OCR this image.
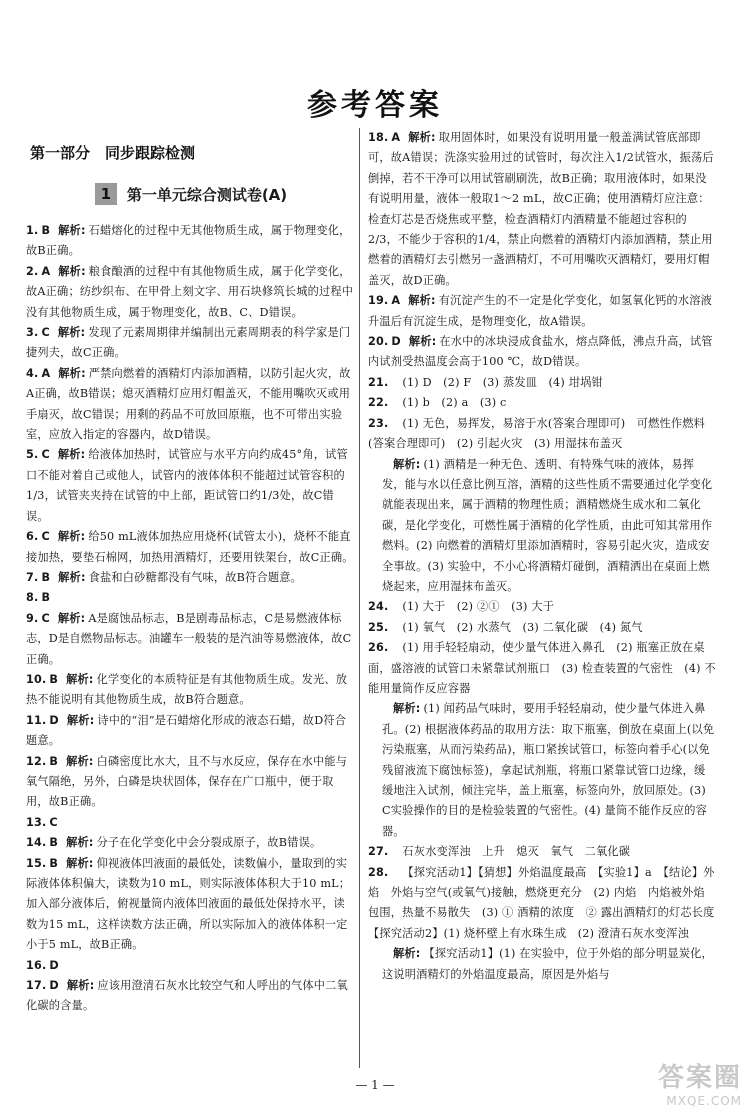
参考答案
第一部分　同步跟踪检测
1	第一单元综合测试卷(A)

1. B 解析: 石蜡熔化的过程中无其他物质生成，属于物理变化，故B正确。

2. A 解析: 粮食酿酒的过程中有其他物质生成，属于化学变化，故A正确；纺纱织布、在甲骨上刻文字、用石块修筑长城的过程中没有其他物质生成，属于物理变化，故B、C、D错误。

3. C 解析: 发现了元素周期律并编制出元素周期表的科学家是门捷列夫，故C正确。

4. A 解析: 严禁向燃着的酒精灯内添加酒精，以防引起火灾，故A正确，故B错误；熄灭酒精灯应用灯帽盖灭，不能用嘴吹灭或用手扇灭，故C错误；用剩的药品不可放回原瓶，也不可带出实验室，应放入指定的容器内，故D错误。

5. C 解析: 给液体加热时，试管应与水平方向约成45°角，试管口不能对着自己或他人，试管内的液体体积不能超过试管容积的1/3，试管夹夹持在试管的中上部，距试管口约1/3处，故C错误。

6. C 解析: 给50 mL液体加热应用烧杯(试管太小)，烧杯不能直接加热，要垫石棉网，加热用酒精灯，还要用铁架台，故C正确。

7. B 解析: 食盐和白砂糖都没有气味，故B符合题意。

8. B

9. C 解析: A是腐蚀品标志，B是剧毒品标志，C是易燃液体标志，D是自燃物品标志。油罐车一般装的是汽油等易燃液体，故C正确。

10. B 解析: 化学变化的本质特征是有其他物质生成。发光、放热不能说明有其他物质生成，故B符合题意。

11. D 解析: 诗中的“泪”是石蜡熔化形成的液态石蜡，故D符合题意。

12. B 解析: 白磷密度比水大，且不与水反应，保存在水中能与氧气隔绝，另外，白磷是块状固体，保存在广口瓶中，便于取用，故B正确。

13. C

14. B 解析: 分子在化学变化中会分裂成原子，故B错误。

15. B 解析: 仰视液体凹液面的最低处，读数偏小，量取到的实际液体体积偏大，读数为10 mL，则实际液体体积大于10 mL；加入部分液体后，俯视量筒内液体凹液面的最低处保持水平，读数为15 mL，这样读数方法正确，所以实际加入的液体体积一定小于5 mL，故B正确。

16. D

17. D 解析: 应该用澄清石灰水比较空气和人呼出的气体中二氧化碳的含量。

18. A 解析: 取用固体时，如果没有说明用量一般盖满试管底部即可，故A错误；洗涤实验用过的试管时，每次注入1/2试管水，振荡后倒掉，若不干净可以用试管刷刷洗，故B正确；取用液体时，如果没有说明用量，液体一般取1～2 mL，故C正确；使用酒精灯应注意：检查灯芯是否烧焦或平整，检查酒精灯内酒精量不能超过容积的2/3，不能少于容积的1/4，禁止向燃着的酒精灯内添加酒精，禁止用燃着的酒精灯去引燃另一盏酒精灯，不可用嘴吹灭酒精灯，要用灯帽盖灭，故D正确。

19. A 解析: 有沉淀产生的不一定是化学变化，如氢氧化钙的水溶液升温后有沉淀生成，是物理变化，故A错误。

20. D 解析: 在水中的冰块浸成食盐水，熔点降低，沸点升高，试管内试剂受热温度会高于100 ℃，故D错误。

21. (1) D　(2) F　(3) 蒸发皿　(4) 坩埚钳

22. (1) b　(2) a　(3) c

23. (1) 无色，易挥发，易溶于水(答案合理即可)　可燃性作燃料(答案合理即可)　(2) 引起火灾　(3) 用湿抹布盖灭

解析: (1) 酒精是一种无色、透明、有特殊气味的液体，易挥发，能与水以任意比例互溶，酒精的这些性质不需要通过化学变化就能表现出来，属于酒精的物理性质；酒精燃烧生成水和二氧化碳，是化学变化，可燃性属于酒精的化学性质，由此可知其常用作燃料。(2) 向燃着的酒精灯里添加酒精时，容易引起火灾，造成安全事故。(3) 实验中，不小心将酒精灯碰倒，酒精洒出在桌面上燃烧起来，应用湿抹布盖灭。

24. (1) 大于　(2) ②①　(3) 大于

25. (1) 氧气　(2) 水蒸气　(3) 二氧化碳　(4) 氮气

26. (1) 用手轻轻扇动，使少量气体进入鼻孔　(2) 瓶塞正放在桌面，盛溶液的试管口未紧靠试剂瓶口　(3) 检查装置的气密性　(4) 不能用量筒作反应容器

解析: (1) 闻药品气味时，要用手轻轻扇动，使少量气体进入鼻孔。(2) 根据液体药品的取用方法：取下瓶塞，倒放在桌面上(以免污染瓶塞，从而污染药品)，瓶口紧挨试管口，标签向着手心(以免残留液流下腐蚀标签)，拿起试剂瓶，将瓶口紧靠试管口边缘，缓缓地注入试剂，倾注完毕，盖上瓶塞，标签向外，放回原处。(3) C实验操作的目的是检验装置的气密性。(4) 量筒不能作反应的容器。

27. 石灰水变浑浊　上升　熄灭　氧气　二氧化碳

28. 【探究活动1】【猜想】外焰温度最高　【实验1】a　【结论】外焰　外焰与空气(或氧气)接触，燃烧更充分　(2) 内焰　内焰被外焰包围，热量不易散失　(3) ① 酒精的浓度　② 露出酒精灯的灯芯长度　【探究活动2】(1) 烧杯壁上有水珠生成　(2) 澄清石灰水变浑浊

解析: 【探究活动1】(1) 在实验中，位于外焰的部分明显炭化，这说明酒精灯的外焰温度最高，原因是外焰与

— 1 —	答案圈
MXQE.COM
